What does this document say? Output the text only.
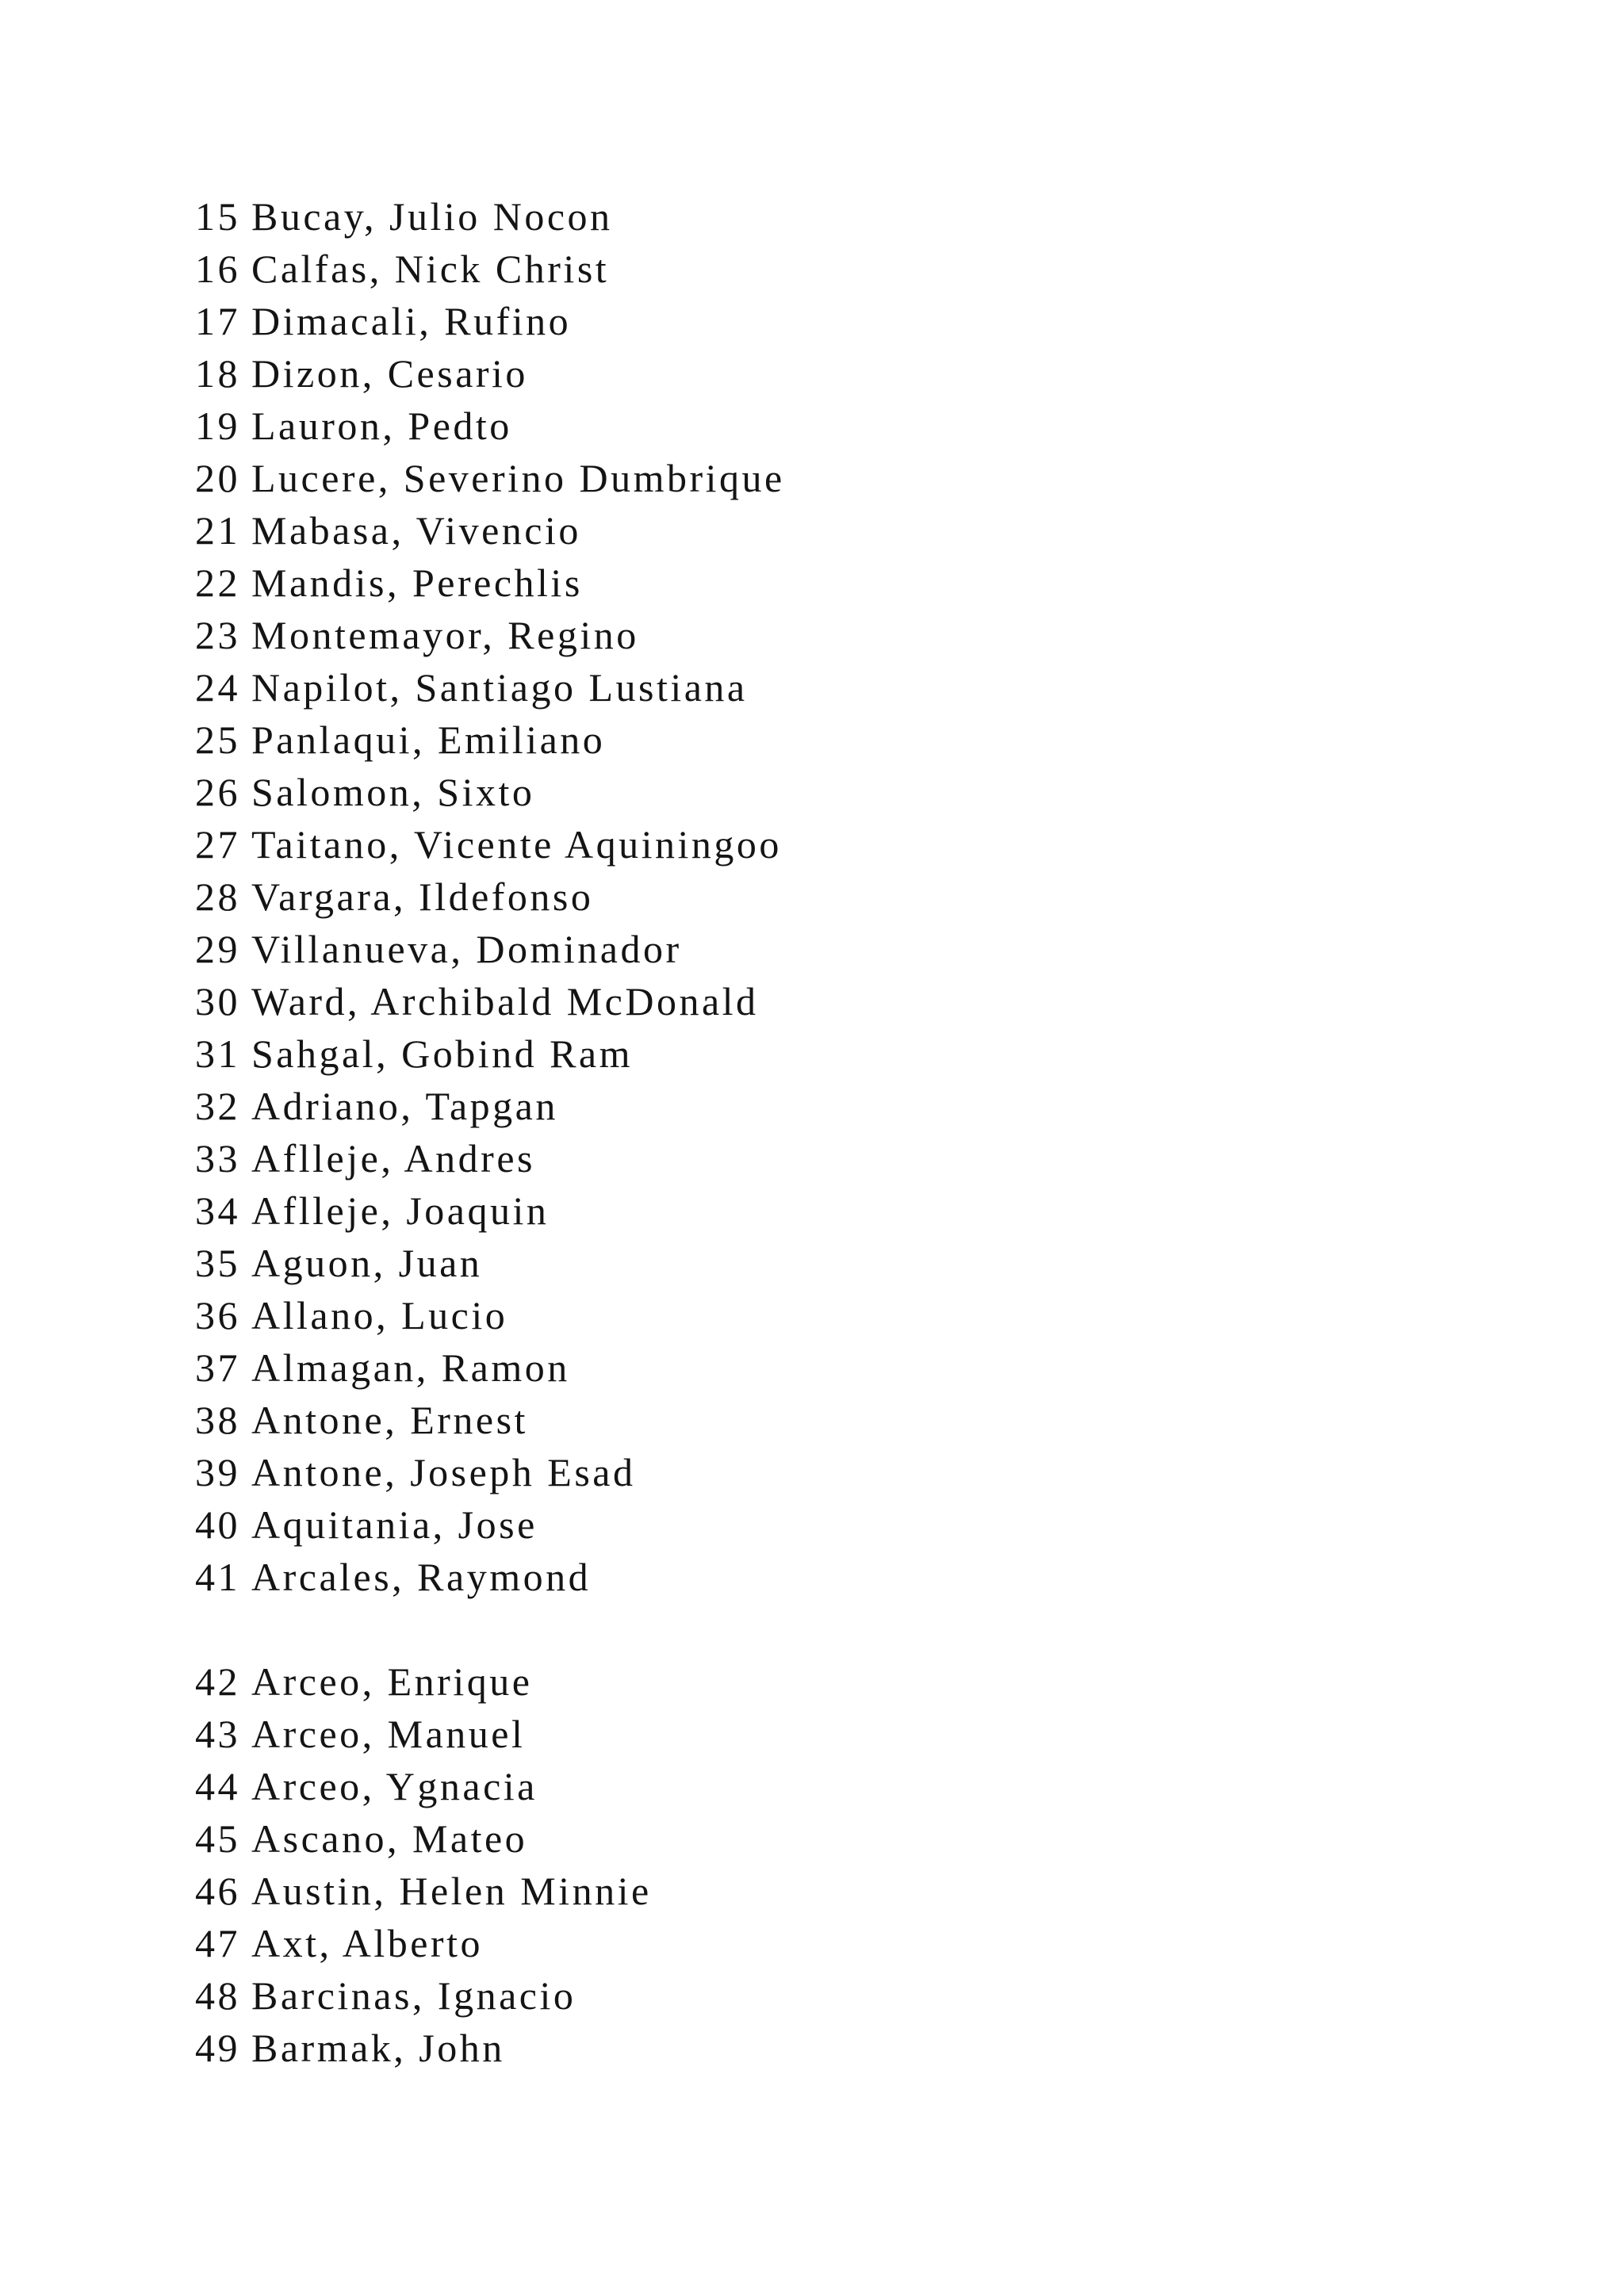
15 Bucay, Julio Nocon
16 Calfas, Nick Christ
17 Dimacali, Rufino
18 Dizon, Cesario
19 Lauron, Pedto
20 Lucere, Severino Dumbrique
21 Mabasa, Vivencio
22 Mandis, Perechlis
23 Montemayor, Regino
24 Napilot, Santiago Lustiana
25 Panlaqui, Emiliano
26 Salomon, Sixto
27 Taitano, Vicente Aquiningoo
28 Vargara, Ildefonso
29 Villanueva, Dominador
30 Ward, Archibald McDonald
31 Sahgal, Gobind Ram
32 Adriano, Tapgan
33 Aflleje, Andres
34 Aflleje, Joaquin
35 Aguon, Juan
36 Allano, Lucio
37 Almagan, Ramon
38 Antone, Ernest
39 Antone, Joseph Esad
40 Aquitania, Jose
41 Arcales, Raymond
42 Arceo, Enrique
43 Arceo, Manuel
44 Arceo, Ygnacia
45 Ascano, Mateo
46 Austin, Helen Minnie
47 Axt, Alberto
48 Barcinas, Ignacio
49 Barmak, John
